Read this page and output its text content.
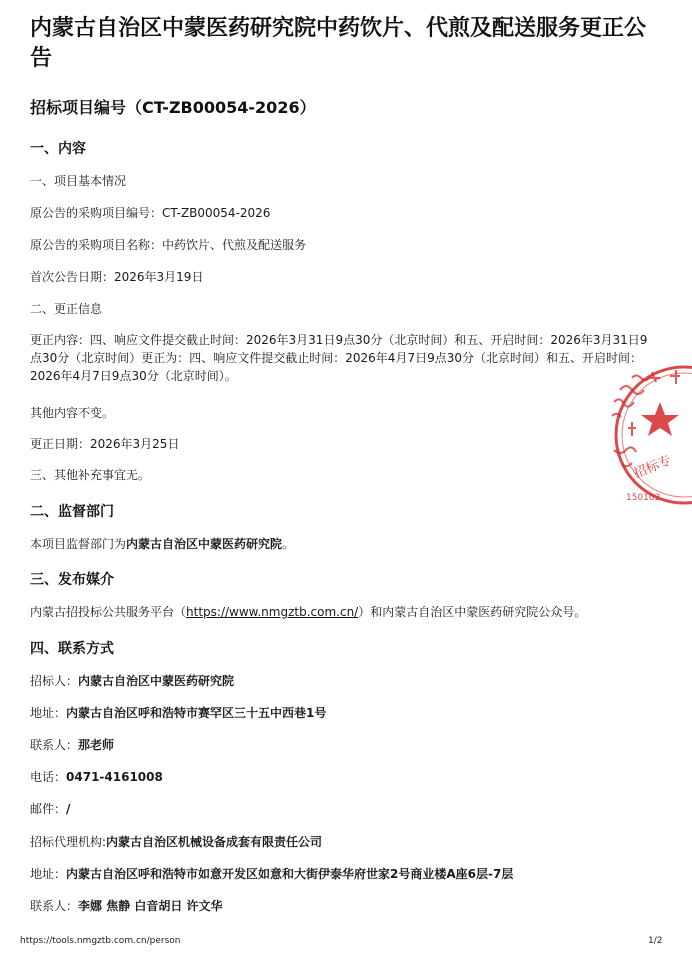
内蒙古自治区中蒙医药研究院中药饮片、代煎及配送服务更正公告
招标项目编号（CT-ZB00054-2026）
一、内容
一、项目基本情况
原公告的采购项目编号：CT-ZB00054-2026
原公告的采购项目名称：中药饮片、代煎及配送服务
首次公告日期：2026年3月19日
二、更正信息
更正内容：四、响应文件提交截止时间：2026年3月31日9点30分（北京时间）和五、开启时间：2026年3月31日9点30分（北京时间）更正为：四、响应文件提交截止时间：2026年4月7日9点30分（北京时间）和五、开启时间：2026年4月7日9点30分（北京时间）。
其他内容不变。
更正日期：2026年3月25日
三、其他补充事宜无。
二、监督部门
本项目监督部门为内蒙古自治区中蒙医药研究院。
三、发布媒介
内蒙古招投标公共服务平台（https://www.nmgztb.com.cn/）和内蒙古自治区中蒙医药研究院公众号。
四、联系方式
招标人：内蒙古自治区中蒙医药研究院
地址：内蒙古自治区呼和浩特市赛罕区三十五中西巷1号
联系人：那老师
电话：0471-4161008
邮件：/
招标代理机构:内蒙古自治区机械设备成套有限责任公司
地址：内蒙古自治区呼和浩特市如意开发区如意和大街伊泰华府世家2号商业楼A座6层-7层
联系人：李娜 焦静 白音胡日 许文华
招标专
150102
https://tools.nmgztb.com.cn/person	1/2
